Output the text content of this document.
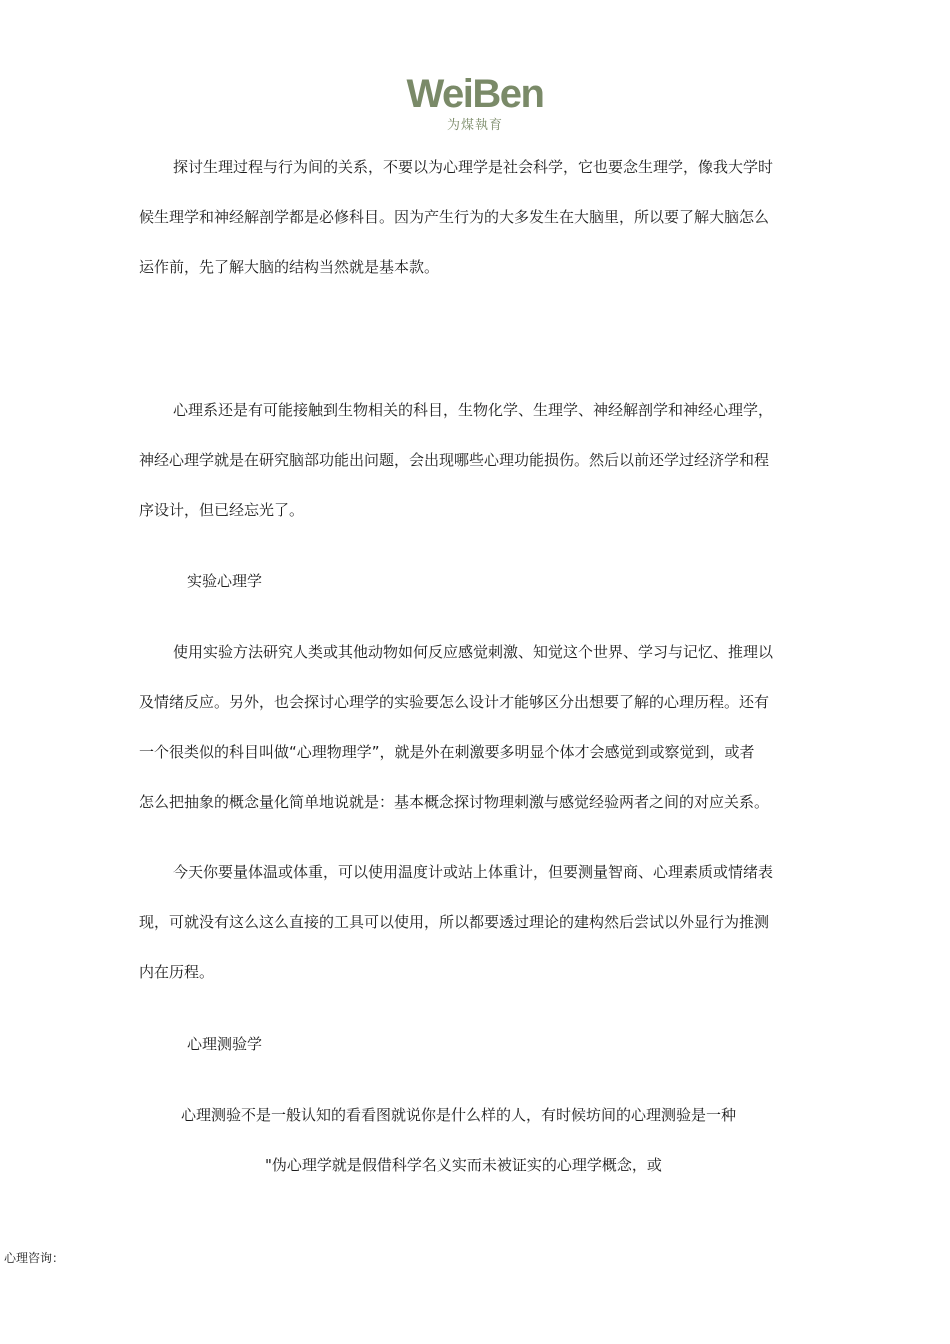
WeiBen
为煤執育
探讨生理过程与行为间的关系，不要以为心理学是社会科学，它也要念生理学，像我大学时
候生理学和神经解剖学都是必修科目。因为产生行为的大多发生在大脑里，所以要了解大脑怎么
运作前，先了解大脑的结构当然就是基本款。
心理系还是有可能接触到生物相关的科目，生物化学、生理学、神经解剖学和神经心理学，
神经心理学就是在研究脑部功能出问题，会出现哪些心理功能损伤。然后以前还学过经济学和程
序设计，但已经忘光了。
实验心理学
使用实验方法研究人类或其他动物如何反应感觉刺激、知觉这个世界、学习与记忆、推理以
及情绪反应。另外，也会探讨心理学的实验要怎么设计才能够区分出想要了解的心理历程。还有
一个很类似的科目叫做“心理物理学”，就是外在刺激要多明显个体才会感觉到或察觉到，或者
怎么把抽象的概念量化简单地说就是：基本概念探讨物理刺激与感觉经验两者之间的对应关系。
今天你要量体温或体重，可以使用温度计或站上体重计，但要测量智商、心理素质或情绪表
现，可就没有这么这么直接的工具可以使用，所以都要透过理论的建构然后尝试以外显行为推测
内在历程。
心理测验学
心理测验不是一般认知的看看图就说你是什么样的人，有时候坊间的心理测验是一种
"伪心理学就是假借科学名义实而未被证实的心理学概念，或
心理咨询：
